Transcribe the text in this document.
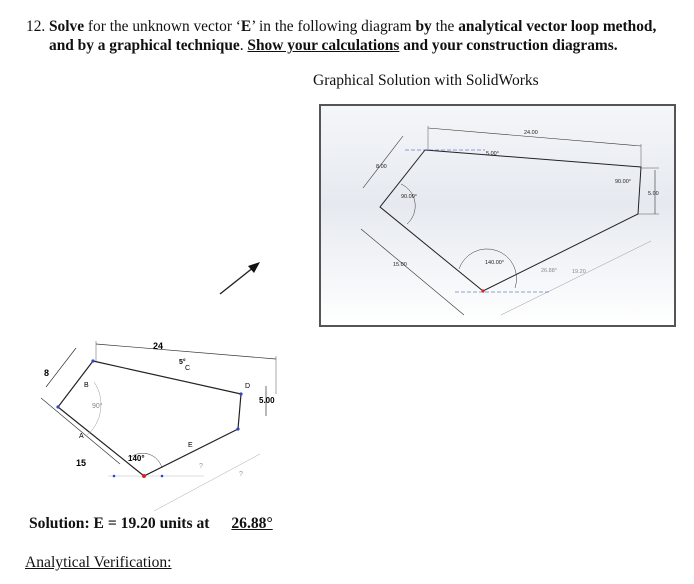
12. Solve for the unknown vector ‘E’ in the following diagram by the analytical vector loop method, and by a graphical technique. Show your calculations and your construction diagrams.
Graphical Solution with SolidWorks
24.00
5.00°
8.00
90.00°
90.00°
5.00
15.00	140.00°
26.88°	19.20
24
5°
C
8
B
90°
D
5.00
A
15	140°
E
?
?
Solution: E = 19.20 units at 26.88°
Analytical Verification:
